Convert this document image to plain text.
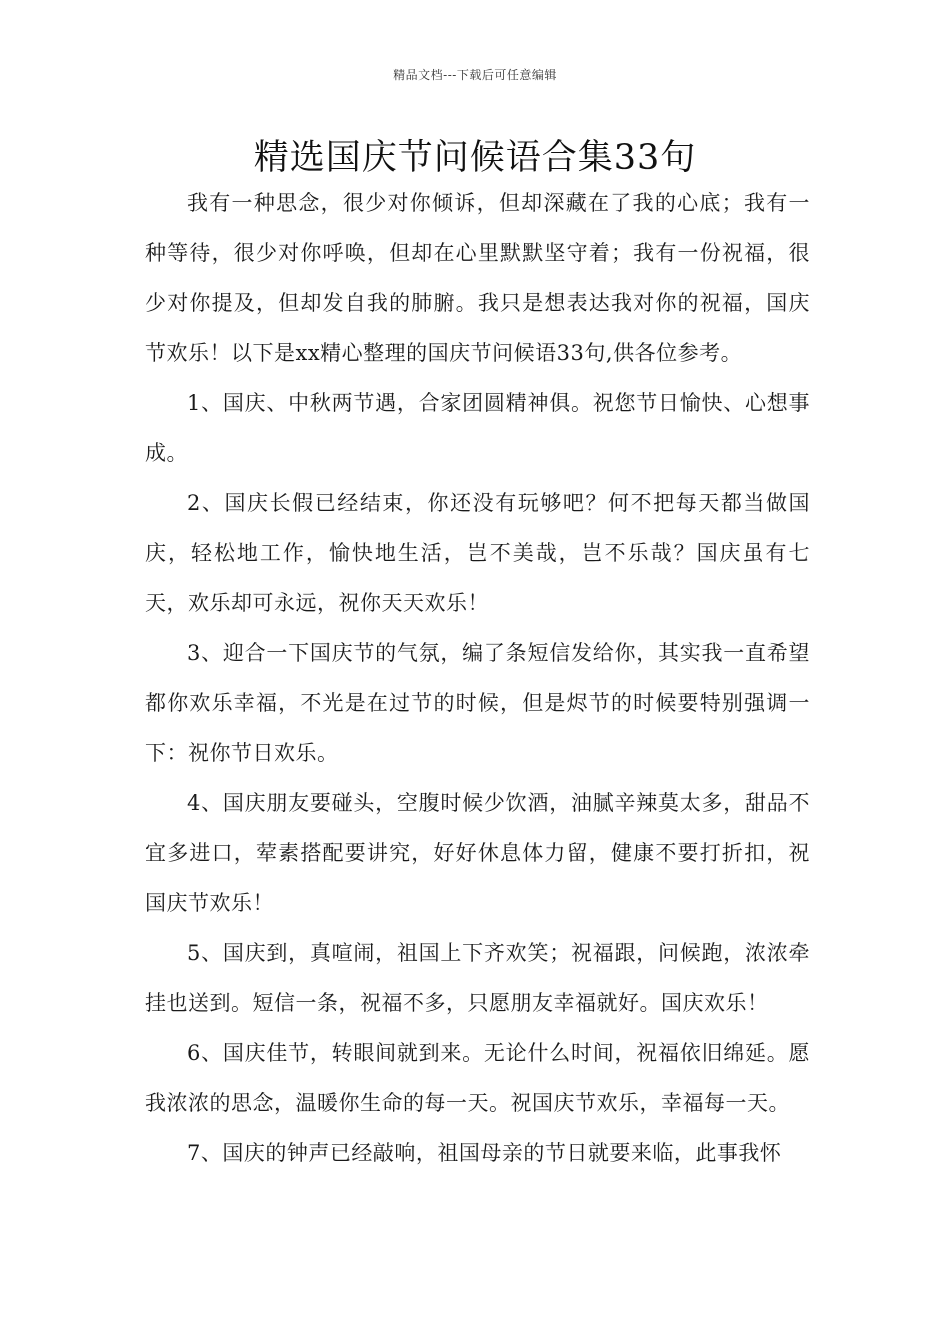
精品文档---下载后可任意编辑
精选国庆节问候语合集33句

我有一种思念，很少对你倾诉，但却深藏在了我的心底；我有一种等待，很少对你呼唤，但却在心里默默坚守着；我有一份祝福，很少对你提及，但却发自我的肺腑。我只是想表达我对你的祝福，国庆节欢乐！以下是xx精心整理的国庆节问候语33句,供各位参考。

1、国庆、中秋两节遇，合家团圆精神俱。祝您节日愉快、心想事成。

2、国庆长假已经结束，你还没有玩够吧？何不把每天都当做国庆，轻松地工作，愉快地生活，岂不美哉，岂不乐哉？国庆虽有七天，欢乐却可永远，祝你天天欢乐！

3、迎合一下国庆节的气氛，编了条短信发给你，其实我一直希望都你欢乐幸福，不光是在过节的时候，但是烬节的时候要特别强调一下：祝你节日欢乐。

4、国庆朋友要碰头，空腹时候少饮酒，油腻辛辣莫太多，甜品不宜多进口，荤素搭配要讲究，好好休息体力留，健康不要打折扣，祝国庆节欢乐！

5、国庆到，真喧闹，祖国上下齐欢笑；祝福跟，问候跑，浓浓牵挂也送到。短信一条，祝福不多，只愿朋友幸福就好。国庆欢乐！

6、国庆佳节，转眼间就到来。无论什么时间，祝福依旧绵延。愿我浓浓的思念，温暖你生命的每一天。祝国庆节欢乐，幸福每一天。

7、国庆的钟声已经敲响，祖国母亲的节日就要来临，此事我怀
